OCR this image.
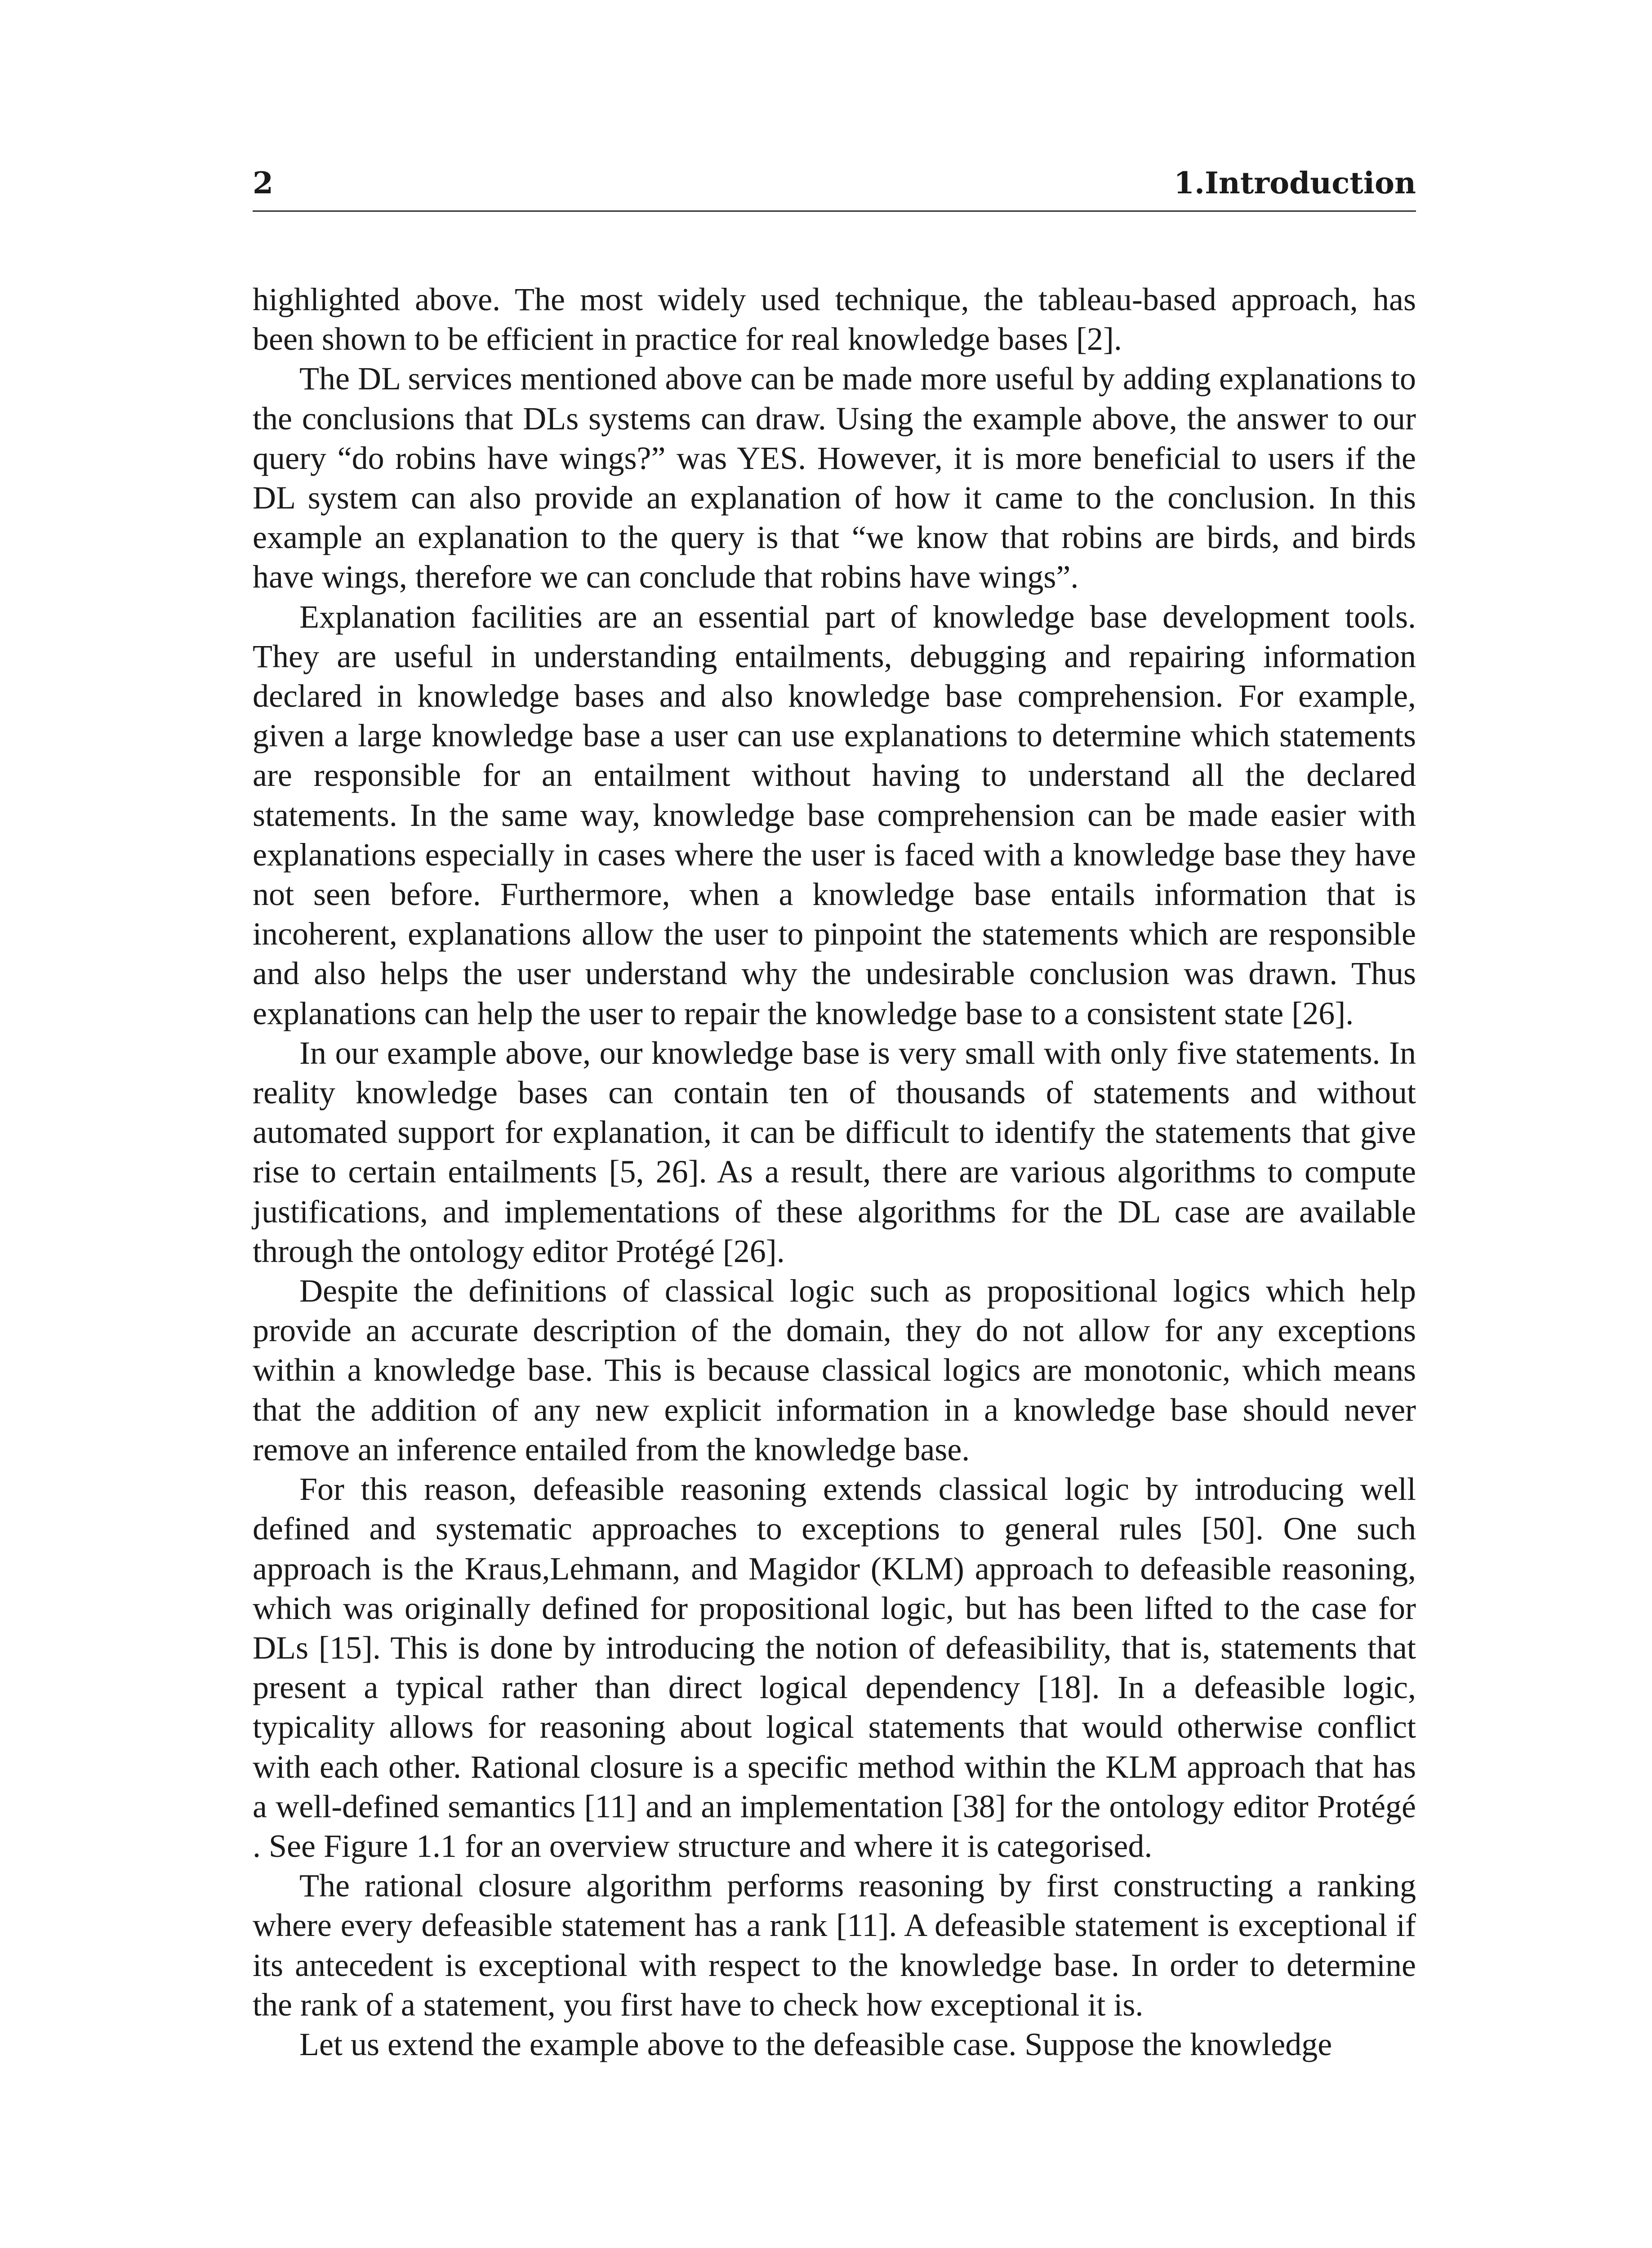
2	1.Introduction

highlighted above. The most widely used technique, the tableau-based approach, has been shown to be efficient in practice for real knowledge bases [2].

The DL services mentioned above can be made more useful by adding explanations to the conclusions that DLs systems can draw. Using the example above, the answer to our query “do robins have wings?” was YES. However, it is more beneficial to users if the DL system can also provide an explanation of how it came to the conclusion. In this example an explanation to the query is that “we know that robins are birds, and birds have wings, therefore we can conclude that robins have wings”.

Explanation facilities are an essential part of knowledge base development tools. They are useful in understanding entailments, debugging and repairing information declared in knowledge bases and also knowledge base comprehension. For example, given a large knowledge base a user can use explanations to determine which statements are responsible for an entailment without having to understand all the declared statements. In the same way, knowledge base comprehension can be made easier with explanations especially in cases where the user is faced with a knowledge base they have not seen before. Furthermore, when a knowledge base entails information that is incoherent, explanations allow the user to pinpoint the statements which are responsible and also helps the user understand why the undesirable conclusion was drawn. Thus explanations can help the user to repair the knowledge base to a consistent state [26].

In our example above, our knowledge base is very small with only five statements. In reality knowledge bases can contain ten of thousands of statements and without automated support for explanation, it can be difficult to identify the statements that give rise to certain entailments [5, 26]. As a result, there are various algorithms to compute justifications, and implementations of these algorithms for the DL case are available through the ontology editor Protégé [26].

Despite the definitions of classical logic such as propositional logics which help provide an accurate description of the domain, they do not allow for any exceptions within a knowledge base. This is because classical logics are monotonic, which means that the addition of any new explicit information in a knowledge base should never remove an inference entailed from the knowledge base.

For this reason, defeasible reasoning extends classical logic by introducing well defined and systematic approaches to exceptions to general rules [50]. One such approach is the Kraus,Lehmann, and Magidor (KLM) approach to defeasible reasoning, which was originally defined for propositional logic, but has been lifted to the case for DLs [15]. This is done by introducing the notion of defeasibility, that is, statements that present a typical rather than direct logical dependency [18]. In a defeasible logic, typicality allows for reasoning about logical statements that would otherwise conflict with each other. Rational closure is a specific method within the KLM approach that has a well-defined semantics [11] and an implementation [38] for the ontology editor Protégé . See Figure 1.1 for an overview structure and where it is categorised.

The rational closure algorithm performs reasoning by first constructing a ranking where every defeasible statement has a rank [11]. A defeasible statement is exceptional if its antecedent is exceptional with respect to the knowledge base. In order to determine the rank of a statement, you first have to check how exceptional it is.

Let us extend the example above to the defeasible case. Suppose the knowledge
